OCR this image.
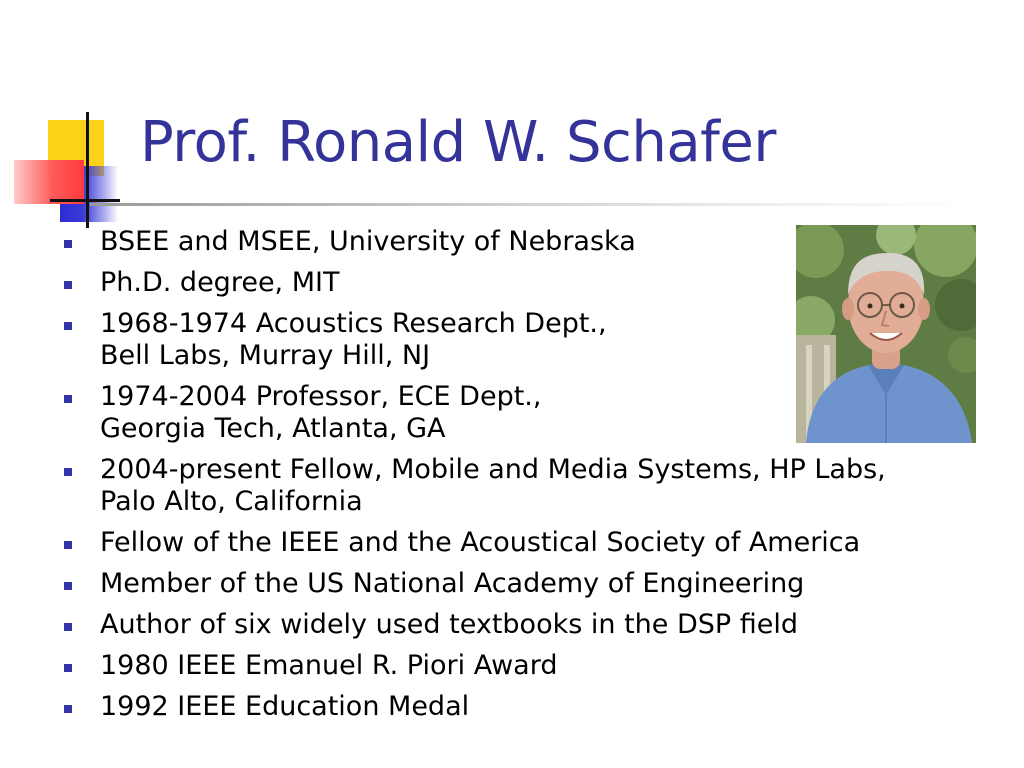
Prof. Ronald W. Schafer
BSEE and MSEE, University of Nebraska
Ph.D. degree, MIT
1968-1974 Acoustics Research Dept.,
Bell Labs, Murray Hill, NJ
1974-2004 Professor, ECE Dept.,
Georgia Tech, Atlanta, GA
2004-present Fellow, Mobile and Media Systems, HP Labs,
Palo Alto, California
Fellow of the IEEE and the Acoustical Society of America
Member of the US National Academy of Engineering
Author of six widely used textbooks in the DSP field
1980 IEEE Emanuel R. Piori Award
1992 IEEE Education Medal
